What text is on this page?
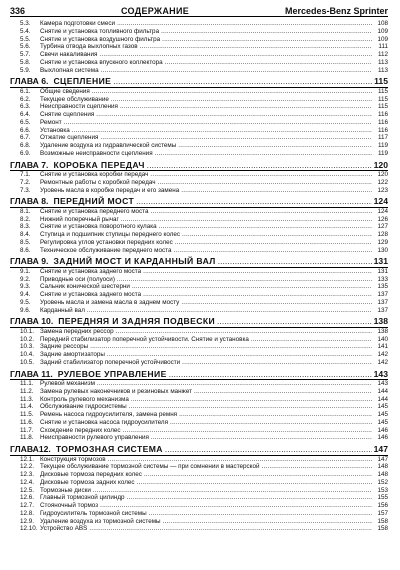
336	СОДЕРЖАНИЕ	Mercedes-Benz Sprinter
5.3.	Камера подготовки смеси .....	108
5.4.	Снятие и установка топливного фильтра .....	109
5.5.	Снятие и установка воздушного фильтра .....	109
5.6.	Турбина отвода выхлопных газов .....	111
5.7.	Свечи накаливания .....	112
5.8.	Снятие и установка впускного коллектора .....	113
5.9.	Выхлопная система .....	113
ГЛАВА 6. СЦЕПЛЕНИЕ .....	115
6.1.	Общие сведения .....	115
6.2.	Текущее обслуживание .....	115
6.3.	Неисправности сцепления .....	115
6.4.	Снятие сцепления .....	116
6.5.	Ремонт .....	116
6.6.	Установка .....	116
6.7.	Отжатие сцепления .....	117
6.8.	Удаление воздуха из гидравлической системы .....	119
6.9.	Возможные неисправности сцепления .....	119
ГЛАВА 7. КОРОБКА ПЕРЕДАЧ .....	120
7.1.	Снятие и установка коробки передач .....	120
7.2.	Ремонтные работы с коробкой передач .....	122
7.3.	Уровень масла в коробке передач и его замена .....	123
ГЛАВА 8. ПЕРЕДНИЙ МОСТ .....	124
8.1.	Снятие и установка переднего моста .....	124
8.2.	Нижний поперечный рычаг .....	126
8.3.	Снятие и установка поворотного кулака .....	127
8.4.	Ступица и подшипник ступицы переднего колес .....	128
8.5.	Регулировка углов установки передних колес .....	129
8.6.	Техническое обслуживание переднего моста .....	130
ГЛАВА 9. ЗАДНИЙ МОСТ И КАРДАННЫЙ ВАЛ .....	131
9.1.	Снятие и установка заднего моста .....	131
9.2.	Приводные оси (полуоси) .....	133
9.3.	Сальник конической шестерни .....	135
9.4.	Снятие и установка заднего моста .....	137
9.5.	Уровень масла и замена масла в заднем мосту .....	137
9.6.	Карданный вал .....	137
ГЛАВА 10. ПЕРЕДНЯЯ И ЗАДНЯЯ ПОДВЕСКИ .....	138
10.1. Замена передних рессор .....	138
10.2. Передний стабилизатор поперечной устойчивости. Снятие и установка .....	140
10.3. Задние рессоры .....	141
10.4. Задние амортизаторы .....	142
10.5. Задний стабилизатор поперечной устойчивости .....	142
ГЛАВА 11. РУЛЕВОЕ УПРАВЛЕНИЕ .....	143
11.1.	Рулевой механизм .....	143
11.2.	Замена рулевых наконечников и резиновых манжет .....	144
11.3.	Контроль рулевого механизма .....	144
11.4.	Обслуживание гидросистемы .....	145
11.5.	Ремень насоса гидроусилителя, замена ремня .....	145
11.6.	Снятие и установка насоса гидроусилителя .....	145
11.7.	Схождение передних колес .....	146
11.8.	Неисправности рулевого управления .....	146
ГЛАВА12. ТОРМОЗНАЯ СИСТЕМА .....	147
12.1. Конструкция тормозов .....	147
12.2. Текущее обслуживание тормозной системы — при сомнении в мастерской .....	148
12.3. Дисковые тормоза передних колес .....	148
12.4. Дисковые тормоза задних колес .....	152
12.5. Тормозные диски .....	153
12.6. Главный тормозной цилиндр .....	155
12.7. Стояночный тормоз .....	156
12.8. Гидроусилитель тормозной системы .....	157
12.9. Удаление воздуха из тормозной системы .....	158
12.10. Устройство ABS .....	158
